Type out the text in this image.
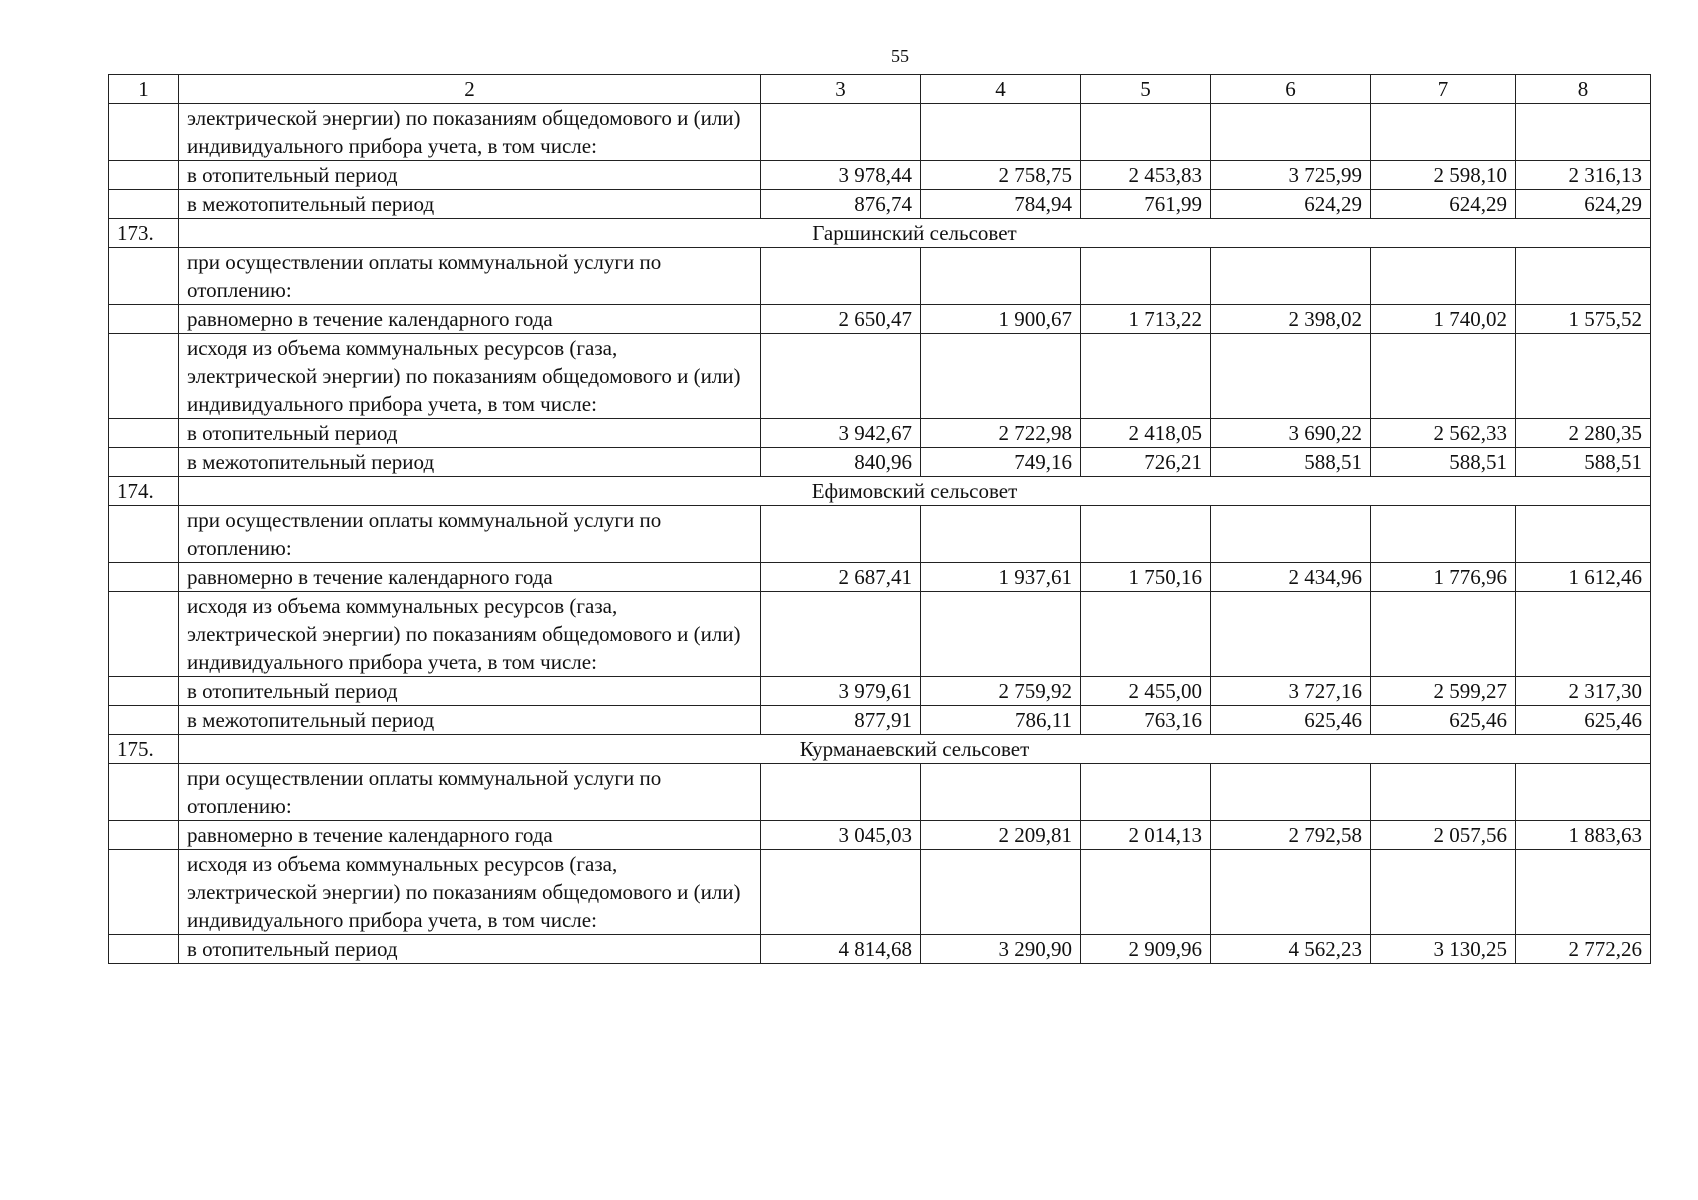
55
1	2	3	4	5	6	7	8
	электрической энергии) по показаниям общедомового и (или) индивидуального прибора учета, в том числе:						
	в отопительный период	3 978,44	2 758,75	2 453,83	3 725,99	2 598,10	2 316,13
	в межотопительный период	876,74	784,94	761,99	624,29	624,29	624,29
173.	Гаршинский сельсовет						
	при осуществлении оплаты коммунальной услуги по отоплению:						
	равномерно в течение календарного года	2 650,47	1 900,67	1 713,22	2 398,02	1 740,02	1 575,52
	исходя из объема коммунальных ресурсов (газа, электрической энергии) по показаниям общедомового и (или) индивидуального прибора учета, в том числе:						
	в отопительный период	3 942,67	2 722,98	2 418,05	3 690,22	2 562,33	2 280,35
	в межотопительный период	840,96	749,16	726,21	588,51	588,51	588,51
174.	Ефимовский сельсовет						
	при осуществлении оплаты коммунальной услуги по отоплению:						
	равномерно в течение календарного года	2 687,41	1 937,61	1 750,16	2 434,96	1 776,96	1 612,46
	исходя из объема коммунальных ресурсов (газа, электрической энергии) по показаниям общедомового и (или) индивидуального прибора учета, в том числе:						
	в отопительный период	3 979,61	2 759,92	2 455,00	3 727,16	2 599,27	2 317,30
	в межотопительный период	877,91	786,11	763,16	625,46	625,46	625,46
175.	Курманаевский сельсовет						
	при осуществлении оплаты коммунальной услуги по отоплению:						
	равномерно в течение календарного года	3 045,03	2 209,81	2 014,13	2 792,58	2 057,56	1 883,63
	исходя из объема коммунальных ресурсов (газа, электрической энергии) по показаниям общедомового и (или) индивидуального прибора учета, в том числе:						
	в отопительный период	4 814,68	3 290,90	2 909,96	4 562,23	3 130,25	2 772,26
